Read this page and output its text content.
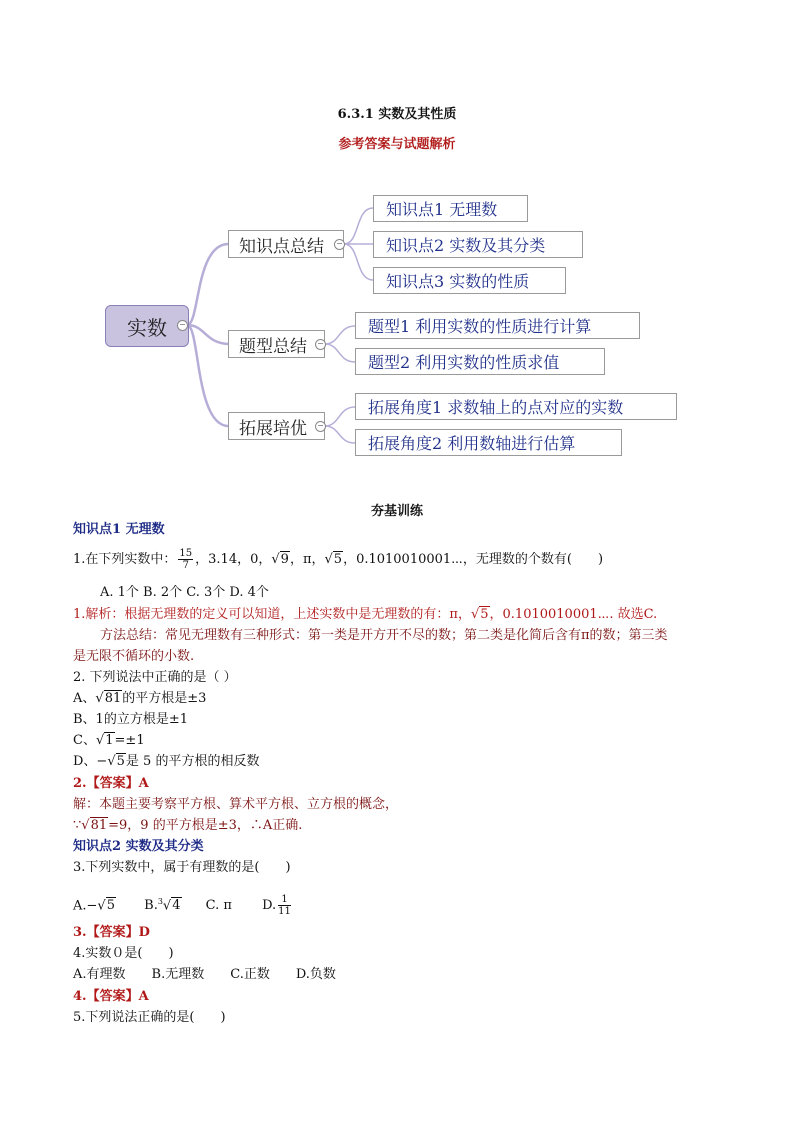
6.3.1 实数及其性质
参考答案与试题解析
实数	−
知识点总结	−
题型总结	−
拓展培优	−
知识点1 无理数
知识点2 实数及其分类
知识点3 实数的性质
题型1 利用实数的性质进行计算
题型2 利用实数的性质求值
拓展角度1 求数轴上的点对应的实数
拓展角度2 利用数轴进行估算
夯基训练
知识点1 无理数
1.在下列实数中： $\frac{15}{7}$ ，3.14，0，√9，π，√5，0.1010010001⋯，无理数的个数有(　　)
A. 1个 B. 2个 C. 3个 D. 4个
1.解析：根据无理数的定义可以知道，上述实数中是无理数的有：π，√5，0.1010010001⋯. 故选C.
方法总结：常见无理数有三种形式：第一类是开方开不尽的数；第二类是化简后含有π的数；第三类
是无限不循环的小数.
2. 下列说法中正确的是（ ）
A、√81的平方根是±3
B、1的立方根是±1
C、√1=±1
D、−√5是 5 的平方根的相反数
2.【答案】A
解：本题主要考察平方根、算术平方根、立方根的概念，
∵√81=9，9 的平方根是±3，∴A正确.
知识点2 实数及其分类
3.下列实数中，属于有理数的是(　　)
A.−√5 B.$^3$√4 C. π D. $\frac{1}{11}$
3.【答案】D
4.实数０是(　　)
A.有理数　　B.无理数　　C.正数　　D.负数
4.【答案】A
5.下列说法正确的是(　　)
